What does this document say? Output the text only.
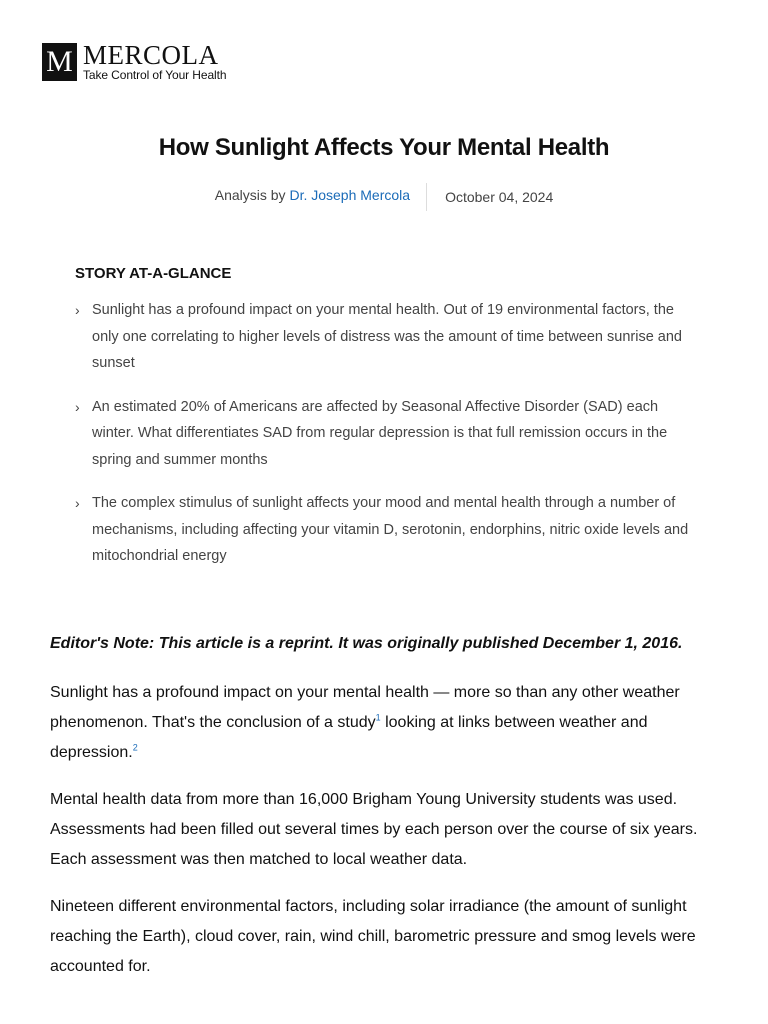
M MERCOLA
Take Control of Your Health
How Sunlight Affects Your Mental Health
Analysis by Dr. Joseph Mercola	October 04, 2024
STORY AT-A-GLANCE
› Sunlight has a profound impact on your mental health. Out of 19 environmental factors, the only one correlating to higher levels of distress was the amount of time between sunrise and sunset
› An estimated 20% of Americans are affected by Seasonal Affective Disorder (SAD) each winter. What differentiates SAD from regular depression is that full remission occurs in the spring and summer months
› The complex stimulus of sunlight affects your mood and mental health through a number of mechanisms, including affecting your vitamin D, serotonin, endorphins, nitric oxide levels and mitochondrial energy

Editor's Note: This article is a reprint. It was originally published December 1, 2016.

Sunlight has a profound impact on your mental health — more so than any other weather phenomenon. That's the conclusion of a study$^1$ looking at links between weather and depression.$^2$

Mental health data from more than 16,000 Brigham Young University students was used. Assessments had been filled out several times by each person over the course of six years. Each assessment was then matched to local weather data.

Nineteen different environmental factors, including solar irradiance (the amount of sunlight reaching the Earth), cloud cover, rain, wind chill, barometric pressure and smog levels were accounted for.
